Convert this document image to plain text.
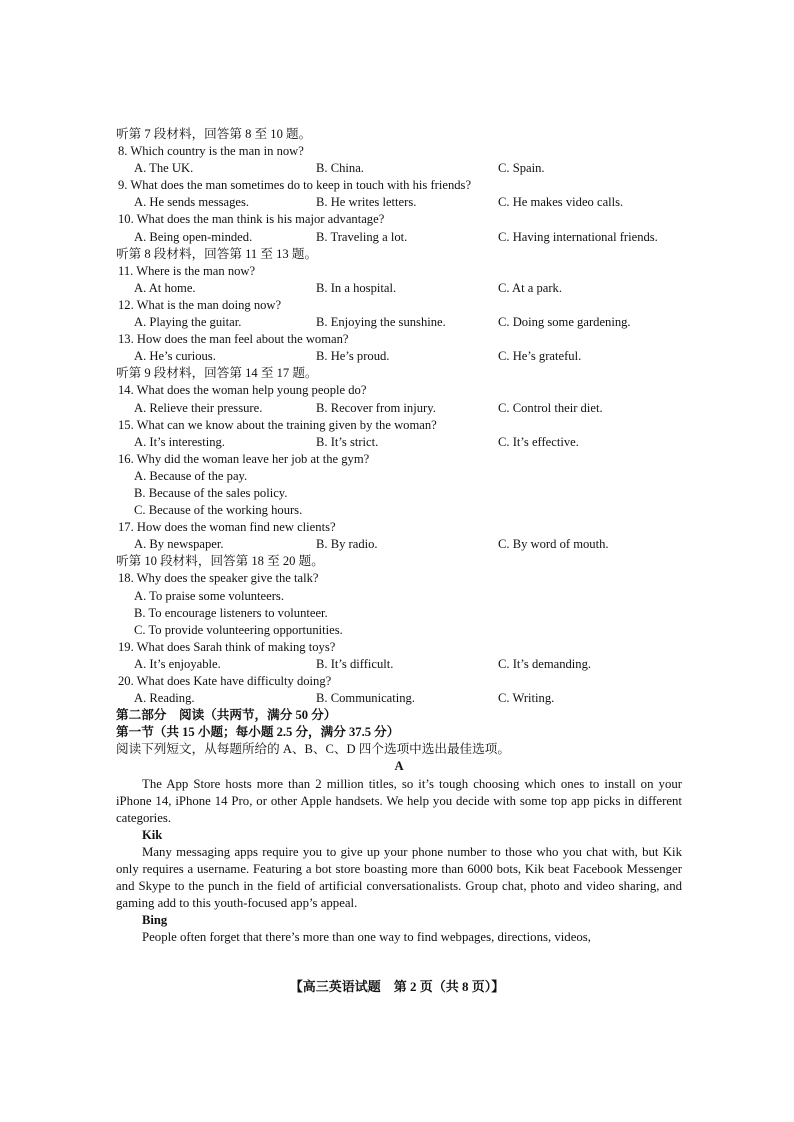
听第 7 段材料，回答第 8 至 10 题。
8. Which country is the man in now?
A. The UK.	B. China.	C. Spain.
9. What does the man sometimes do to keep in touch with his friends?
A. He sends messages.	B. He writes letters.	C. He makes video calls.
10. What does the man think is his major advantage?
A. Being open-minded.	B. Traveling a lot.	C. Having international friends.
听第 8 段材料，回答第 11 至 13 题。
11. Where is the man now?
A. At home.	B. In a hospital.	C. At a park.
12. What is the man doing now?
A. Playing the guitar.	B. Enjoying the sunshine.	C. Doing some gardening.
13. How does the man feel about the woman?
A. He’s curious.	B. He’s proud.	C. He’s grateful.
听第 9 段材料，回答第 14 至 17 题。
14. What does the woman help young people do?
A. Relieve their pressure.	B. Recover from injury.	C. Control their diet.
15. What can we know about the training given by the woman?
A. It’s interesting.	B. It’s strict.	C. It’s effective.
16. Why did the woman leave her job at the gym?
A. Because of the pay.
B. Because of the sales policy.
C. Because of the working hours.
17. How does the woman find new clients?
A. By newspaper.	B. By radio.	C. By word of mouth.
听第 10 段材料，回答第 18 至 20 题。
18. Why does the speaker give the talk?
A. To praise some volunteers.
B. To encourage listeners to volunteer.
C. To provide volunteering opportunities.
19. What does Sarah think of making toys?
A. It’s enjoyable.	B. It’s difficult.	C. It’s demanding.
20. What does Kate have difficulty doing?
A. Reading.	B. Communicating.	C. Writing.
第二部分　阅读（共两节，满分 50 分）
第一节（共 15 小题；每小题 2.5 分，满分 37.5 分）
阅读下列短文，从每题所给的 A、B、C、D 四个选项中选出最佳选项。
A

The App Store hosts more than 2 million titles, so it’s tough choosing which ones to install on your iPhone 14, iPhone 14 Pro, or other Apple handsets. We help you decide with some top app picks in different categories.

Kik

Many messaging apps require you to give up your phone number to those who you chat with, but Kik only requires a username. Featuring a bot store boasting more than 6000 bots, Kik beat Facebook Messenger and Skype to the punch in the field of artificial conversationalists. Group chat, photo and video sharing, and gaming add to this youth-focused app’s appeal.

Bing

People often forget that there’s more than one way to find webpages, directions, videos,

【高三英语试题　第 2 页（共 8 页）】
